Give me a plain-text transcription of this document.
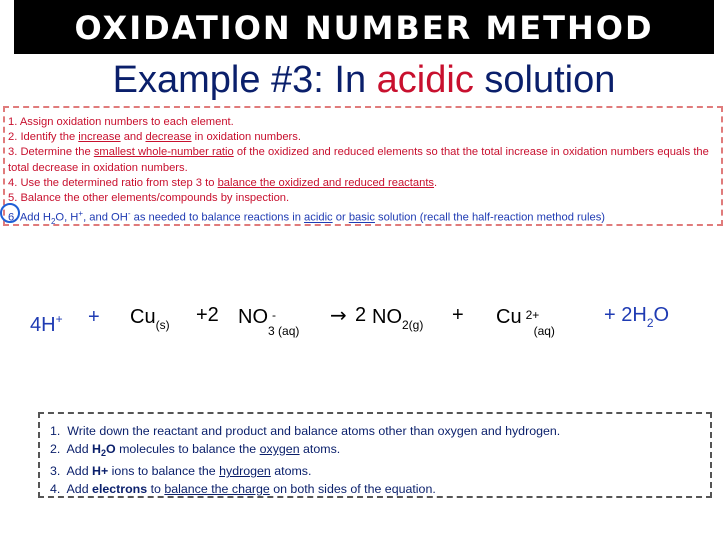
OXIDATION NUMBER METHOD
Example #3: In acidic solution
1. Assign oxidation numbers to each element.
2. Identify the increase and decrease in oxidation numbers.
3. Determine the smallest whole-number ratio of the oxidized and reduced elements so that the total increase in oxidation numbers equals the total decrease in oxidation numbers.
4. Use the determined ratio from step 3 to balance the oxidized and reduced reactants.
5. Balance the other elements/compounds by inspection.
6. Add $H_2O$, H+, and OH- as needed to balance reactions in acidic or basic solution (recall the half-reaction method rules)
$4H^+ + Cu_{(s)} +2$ NO -
3 (aq)
→ 2 $NO_{2(g)} + Cu$ 2+
(aq)
+ $2H_2O$
1. Write down the reactant and product and balance atoms other than oxygen and hydrogen.
2. Add $H_2O$ molecules to balance the oxygen atoms.
3. Add H+ ions to balance the hydrogen atoms.
4. Add electrons to balance the charge on both sides of the equation.
